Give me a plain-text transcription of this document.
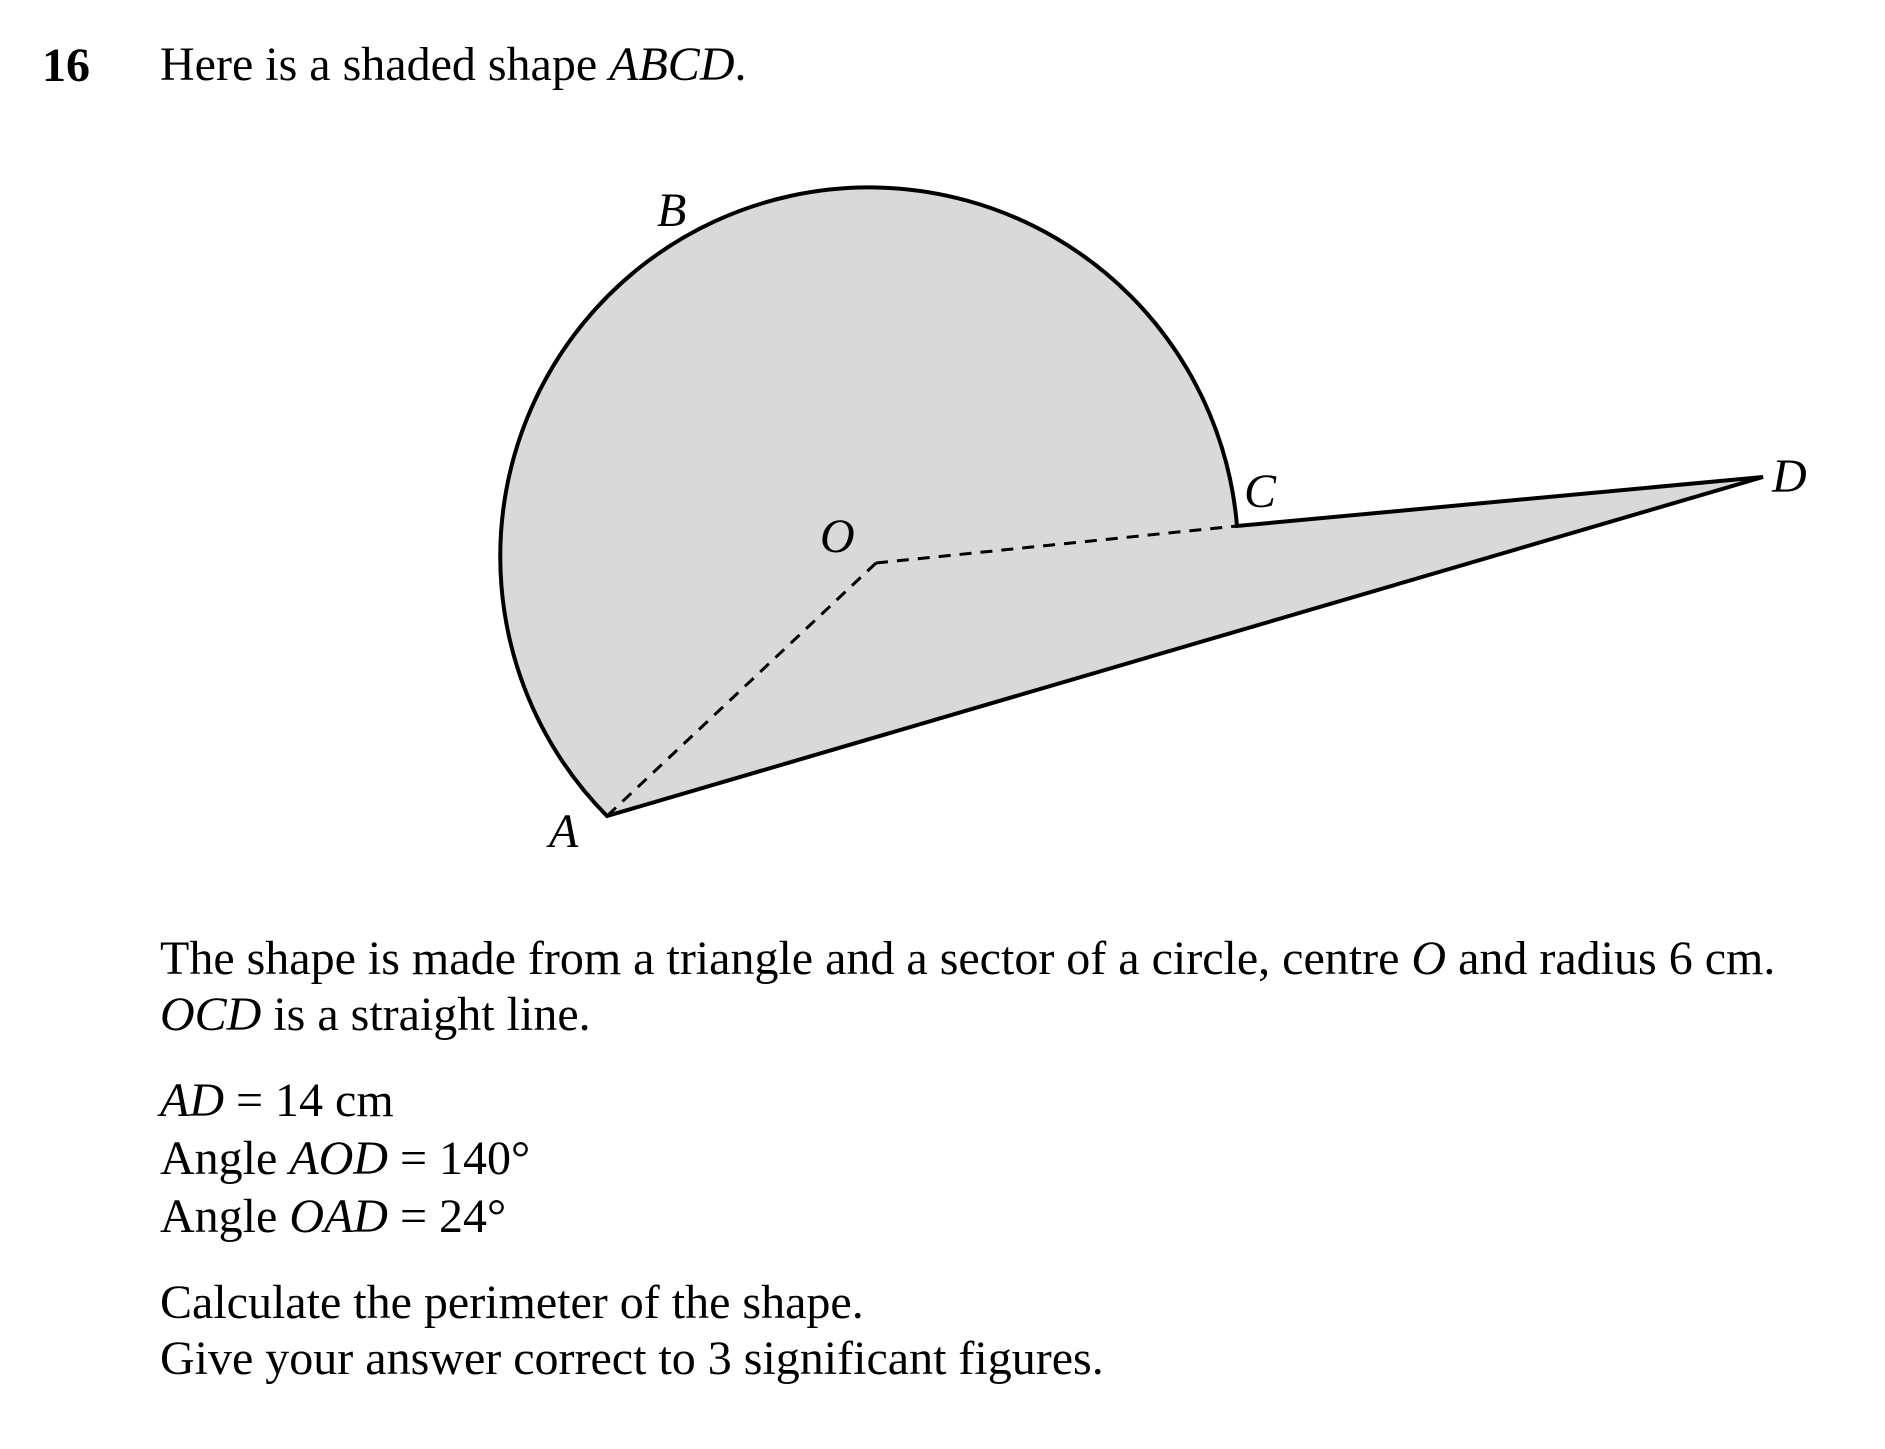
16 Here is a shaded shape ABCD.
A
B
C	D
O
The shape is made from a triangle and a sector of a circle, centre O and radius 6 cm.
OCD is a straight line.
AD = 14 cm
Angle AOD = 140°
Angle OAD = 24°
Calculate the perimeter of the shape.
Give your answer correct to 3 significant figures.
